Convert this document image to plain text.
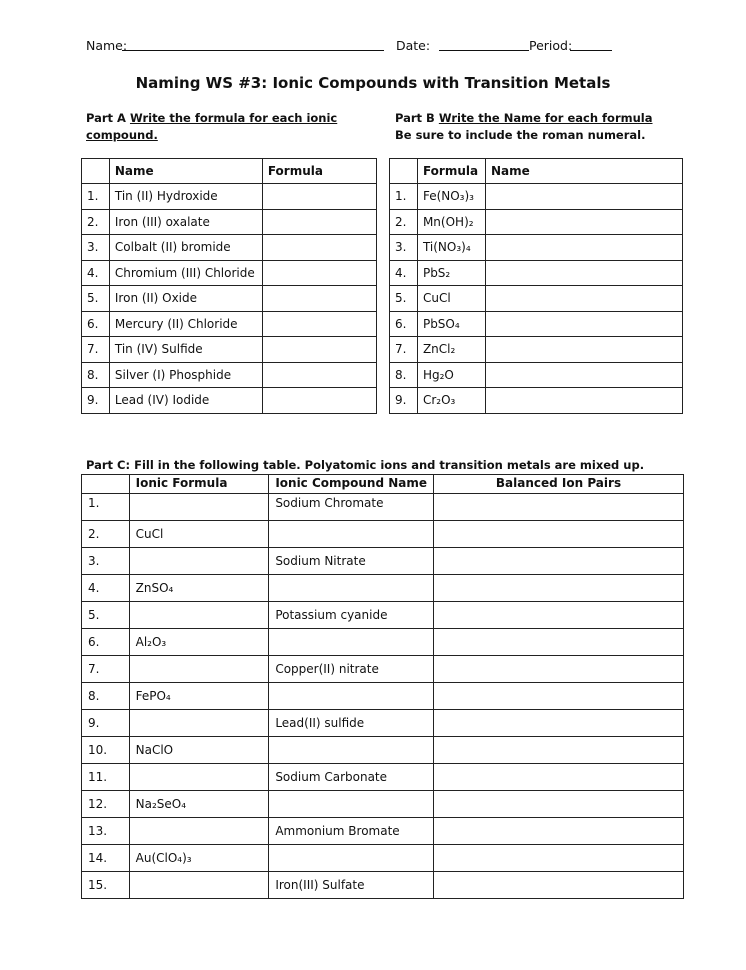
Name:	Date:	Period:
Naming WS #3: Ionic Compounds with Transition Metals
Part A Write the formula for each ionic
compound.
Part B Write the Name for each formula
Be sure to include the roman numeral.
	Name	Formula
1.	Tin (II) Hydroxide	
2.	Iron (III) oxalate	
3.	Colbalt (II) bromide	
4.	Chromium (III) Chloride	
5.	Iron (II) Oxide	
6.	Mercury (II) Chloride	
7.	Tin (IV) Sulfide	
8.	Silver (I) Phosphide	
9.	Lead (IV) Iodide	
	Formula	Name
1.	Fe(NO₃)₃	
2.	Mn(OH)₂	
3.	Ti(NO₃)₄	
4.	PbS₂	
5.	CuCl	
6.	PbSO₄	
7.	ZnCl₂	
8.	Hg₂O	
9.	Cr₂O₃	
Part C: Fill in the following table. Polyatomic ions and transition metals are mixed up.
	Ionic Formula	Ionic Compound Name	Balanced Ion Pairs
1.		Sodium Chromate	
2.	CuCl		
3.		Sodium Nitrate	
4.	ZnSO₄		
5.		Potassium cyanide	
6.	Al₂O₃		
7.		Copper(II) nitrate	
8.	FePO₄		
9.		Lead(II) sulfide	
10.	NaClO		
11.		Sodium Carbonate	
12.	Na₂SeO₄		
13.		Ammonium Bromate	
14.	Au(ClO₄)₃		
15.		Iron(III) Sulfate	
